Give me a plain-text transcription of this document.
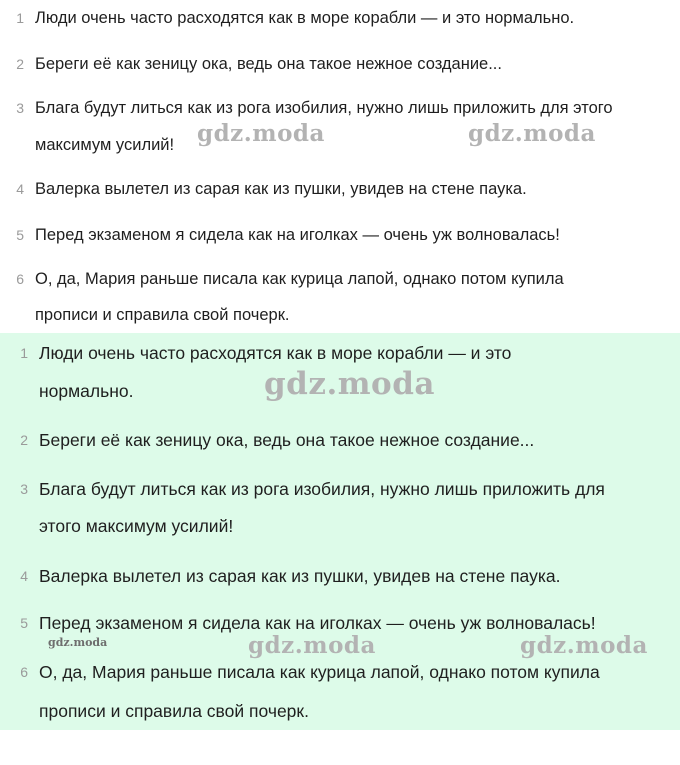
1 Люди очень часто расходятся как в море корабли — и это нормально.

2 Береги её как зеницу ока, ведь она такое нежное создание...

3 Блага будут литься как из рога изобилия, нужно лишь приложить для этого

максимум усилий!

4 Валерка вылетел из сарая как из пушки, увидев на стене паука.

5 Перед экзаменом я сидела как на иголках — очень уж волновалась!

6 О, да, Мария раньше писала как курица лапой, однако потом купила

прописи и справила свой почерк.

1 Люди очень часто расходятся как в море корабли — и это

нормально.

2 Береги её как зеницу ока, ведь она такое нежное создание...

3 Блага будут литься как из рога изобилия, нужно лишь приложить для

этого максимум усилий!

4 Валерка вылетел из сарая как из пушки, увидев на стене паука.

5 Перед экзаменом я сидела как на иголках — очень уж волновалась!

6 О, да, Мария раньше писала как курица лапой, однако потом купила

прописи и справила свой почерк.

gdz.moda	gdz.moda
gdz.moda
gdz.moda	gdz.moda	gdz.moda
